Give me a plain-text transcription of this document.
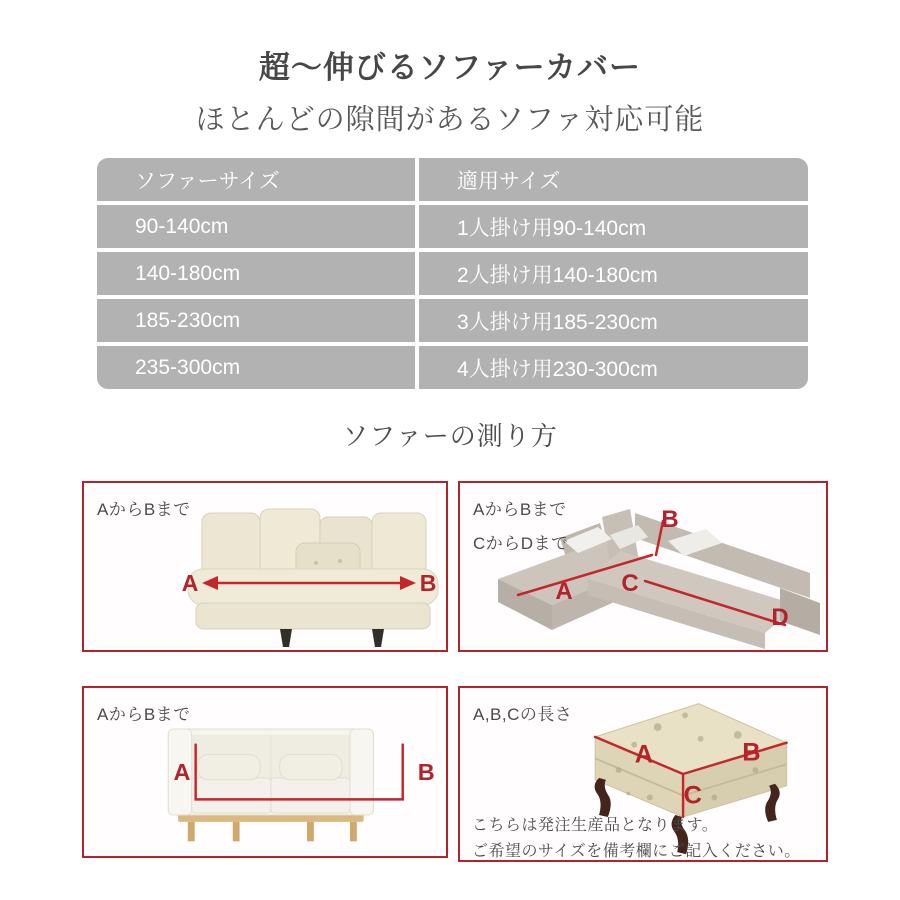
超〜伸びるソファーカバー
ほとんどの隙間があるソファ対応可能
ソファーサイズ	適用サイズ
90-140cm	1人掛け用90-140cm
140-180cm	2人掛け用140-180cm
185-230cm	3人掛け用185-230cm
235-300cm	4人掛け用230-300cm
ソファーの測り方
A	B
AからBまで
A
B
C
D
AからBまで
CからDまで
A	B
AからBまで
A	B
C
A,B,Cの長さ
こちらは発注生産品となります。
ご希望のサイズを備考欄にご記入ください。
